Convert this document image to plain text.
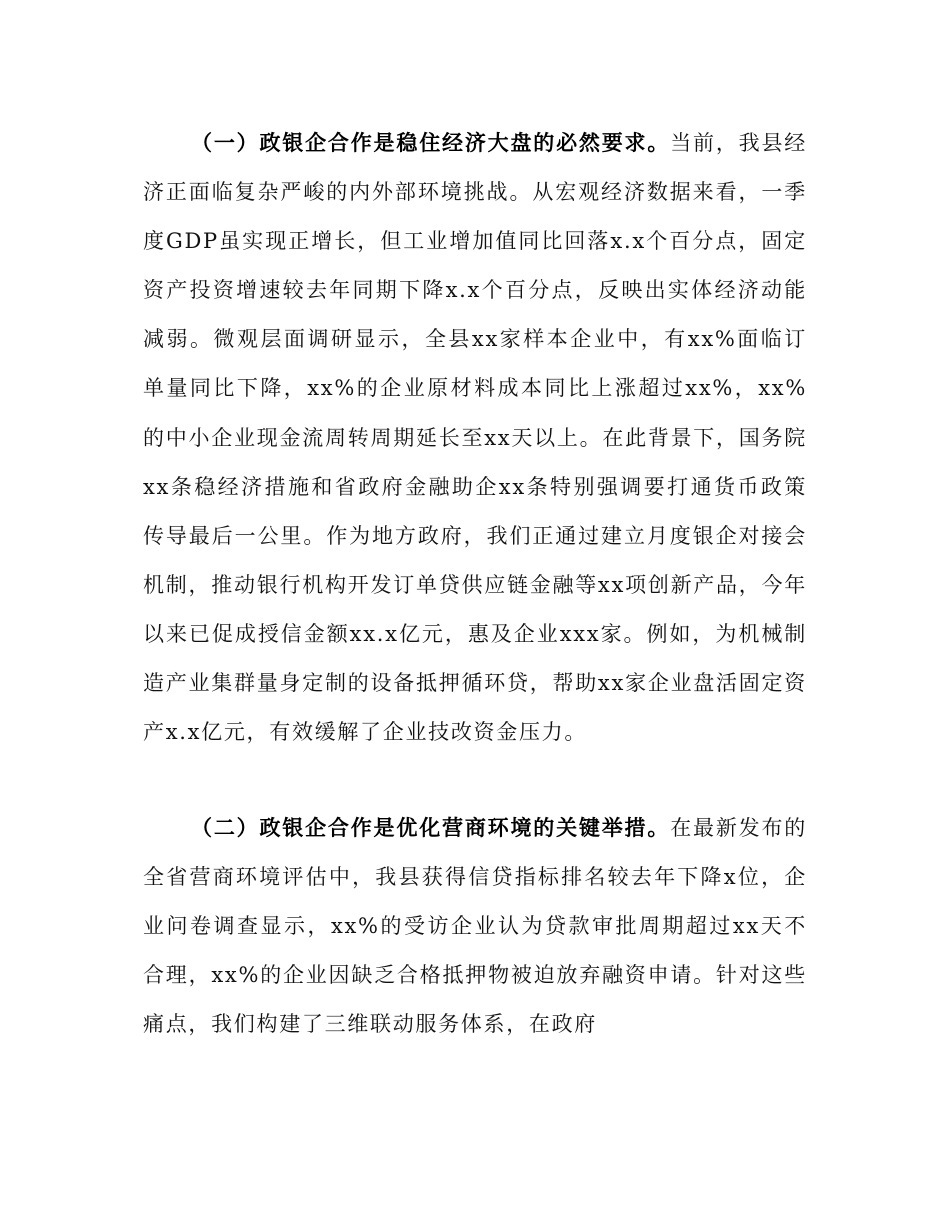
（一）政银企合作是稳住经济大盘的必然要求。当前，我县经济正面临复杂严峻的内外部环境挑战。从宏观经济数据来看，一季度GDP虽实现正增长，但工业增加值同比回落x.x个百分点，固定资产投资增速较去年同期下降x.x个百分点，反映出实体经济动能减弱。微观层面调研显示，全县xx家样本企业中，有xx%面临订单量同比下降，xx%的企业原材料成本同比上涨超过xx%，xx%的中小企业现金流周转周期延长至xx天以上。在此背景下，国务院xx条稳经济措施和省政府金融助企xx条特别强调要打通货币政策传导最后一公里。作为地方政府，我们正通过建立月度银企对接会机制，推动银行机构开发订单贷供应链金融等xx项创新产品，今年以来已促成授信金额xx.x亿元，惠及企业xxx家。例如，为机械制造产业集群量身定制的设备抵押循环贷，帮助xx家企业盘活固定资产x.x亿元，有效缓解了企业技改资金压力。

（二）政银企合作是优化营商环境的关键举措。在最新发布的全省营商环境评估中，我县获得信贷指标排名较去年下降x位，企业问卷调查显示，xx%的受访企业认为贷款审批周期超过xx天不合理，xx%的企业因缺乏合格抵押物被迫放弃融资申请。针对这些痛点，我们构建了三维联动服务体系，在政府
